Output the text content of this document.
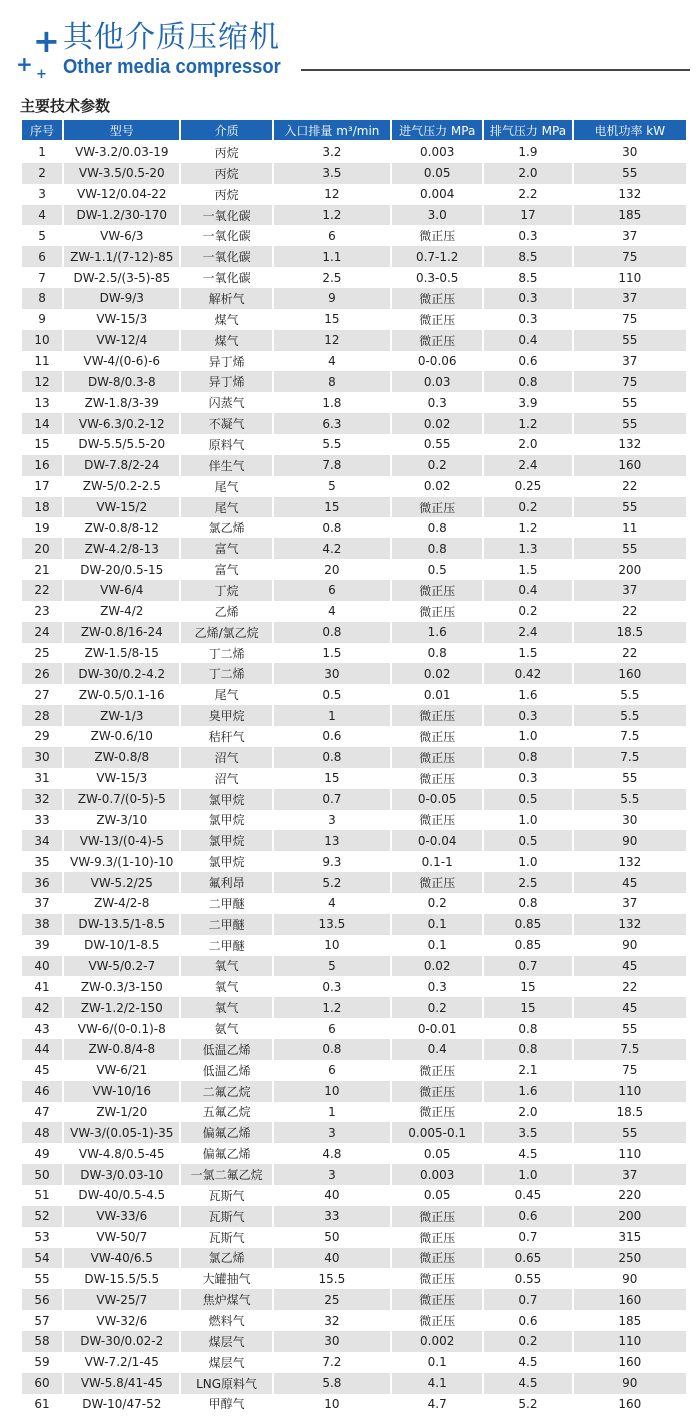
+
+ +
其他介质压缩机
Other media compressor
主要技术参数
序号	型号	介质	入口排量 m³/min	进气压力 MPa	排气压力 MPa	电机功率 kW
1	VW-3.2/0.03-19	丙烷	3.2	0.003	1.9	30
2	VW-3.5/0.5-20	丙烷	3.5	0.05	2.0	55
3	VW-12/0.04-22	丙烷	12	0.004	2.2	132
4	DW-1.2/30-170	一氧化碳	1.2	3.0	17	185
5	VW-6/3	一氧化碳	6	微正压	0.3	37
6	ZW-1.1/(7-12)-85	一氧化碳	1.1	0.7-1.2	8.5	75
7	DW-2.5/(3-5)-85	一氧化碳	2.5	0.3-0.5	8.5	110
8	DW-9/3	解析气	9	微正压	0.3	37
9	VW-15/3	煤气	15	微正压	0.3	75
10	VW-12/4	煤气	12	微正压	0.4	55
11	VW-4/(0-6)-6	异丁烯	4	0-0.06	0.6	37
12	DW-8/0.3-8	异丁烯	8	0.03	0.8	75
13	ZW-1.8/3-39	闪蒸气	1.8	0.3	3.9	55
14	VW-6.3/0.2-12	不凝气	6.3	0.02	1.2	55
15	DW-5.5/5.5-20	原料气	5.5	0.55	2.0	132
16	DW-7.8/2-24	伴生气	7.8	0.2	2.4	160
17	ZW-5/0.2-2.5	尾气	5	0.02	0.25	22
18	VW-15/2	尾气	15	微正压	0.2	55
19	ZW-0.8/8-12	氯乙烯	0.8	0.8	1.2	11
20	ZW-4.2/8-13	富气	4.2	0.8	1.3	55
21	DW-20/0.5-15	富气	20	0.5	1.5	200
22	VW-6/4	丁烷	6	微正压	0.4	37
23	ZW-4/2	乙烯	4	微正压	0.2	22
24	ZW-0.8/16-24	乙烯/氯乙烷	0.8	1.6	2.4	18.5
25	ZW-1.5/8-15	丁二烯	1.5	0.8	1.5	22
26	DW-30/0.2-4.2	丁二烯	30	0.02	0.42	160
27	ZW-0.5/0.1-16	尾气	0.5	0.01	1.6	5.5
28	ZW-1/3	臭甲烷	1	微正压	0.3	5.5
29	ZW-0.6/10	秸秆气	0.6	微正压	1.0	7.5
30	ZW-0.8/8	沼气	0.8	微正压	0.8	7.5
31	VW-15/3	沼气	15	微正压	0.3	55
32	ZW-0.7/(0-5)-5	氯甲烷	0.7	0-0.05	0.5	5.5
33	ZW-3/10	氯甲烷	3	微正压	1.0	30
34	VW-13/(0-4)-5	氯甲烷	13	0-0.04	0.5	90
35	VW-9.3/(1-10)-10	氯甲烷	9.3	0.1-1	1.0	132
36	VW-5.2/25	氟利昂	5.2	微正压	2.5	45
37	ZW-4/2-8	二甲醚	4	0.2	0.8	37
38	DW-13.5/1-8.5	二甲醚	13.5	0.1	0.85	132
39	DW-10/1-8.5	二甲醚	10	0.1	0.85	90
40	VW-5/0.2-7	氧气	5	0.02	0.7	45
41	ZW-0.3/3-150	氧气	0.3	0.3	15	22
42	ZW-1.2/2-150	氧气	1.2	0.2	15	45
43	VW-6/(0-0.1)-8	氨气	6	0-0.01	0.8	55
44	ZW-0.8/4-8	低温乙烯	0.8	0.4	0.8	7.5
45	VW-6/21	低温乙烯	6	微正压	2.1	75
46	VW-10/16	二氟乙烷	10	微正压	1.6	110
47	ZW-1/20	五氟乙烷	1	微正压	2.0	18.5
48	VW-3/(0.05-1)-35	偏氟乙烯	3	0.005-0.1	3.5	55
49	VW-4.8/0.5-45	偏氟乙烯	4.8	0.05	4.5	110
50	DW-3/0.03-10	一氯二氟乙烷	3	0.003	1.0	37
51	DW-40/0.5-4.5	瓦斯气	40	0.05	0.45	220
52	VW-33/6	瓦斯气	33	微正压	0.6	200
53	VW-50/7	瓦斯气	50	微正压	0.7	315
54	VW-40/6.5	氯乙烯	40	微正压	0.65	250
55	DW-15.5/5.5	大罐抽气	15.5	微正压	0.55	90
56	VW-25/7	焦炉煤气	25	微正压	0.7	160
57	VW-32/6	燃料气	32	微正压	0.6	185
58	DW-30/0.02-2	煤层气	30	0.002	0.2	110
59	VW-7.2/1-45	煤层气	7.2	0.1	4.5	160
60	VW-5.8/41-45	LNG原料气	5.8	4.1	4.5	90
61	DW-10/47-52	甲醇气	10	4.7	5.2	160
